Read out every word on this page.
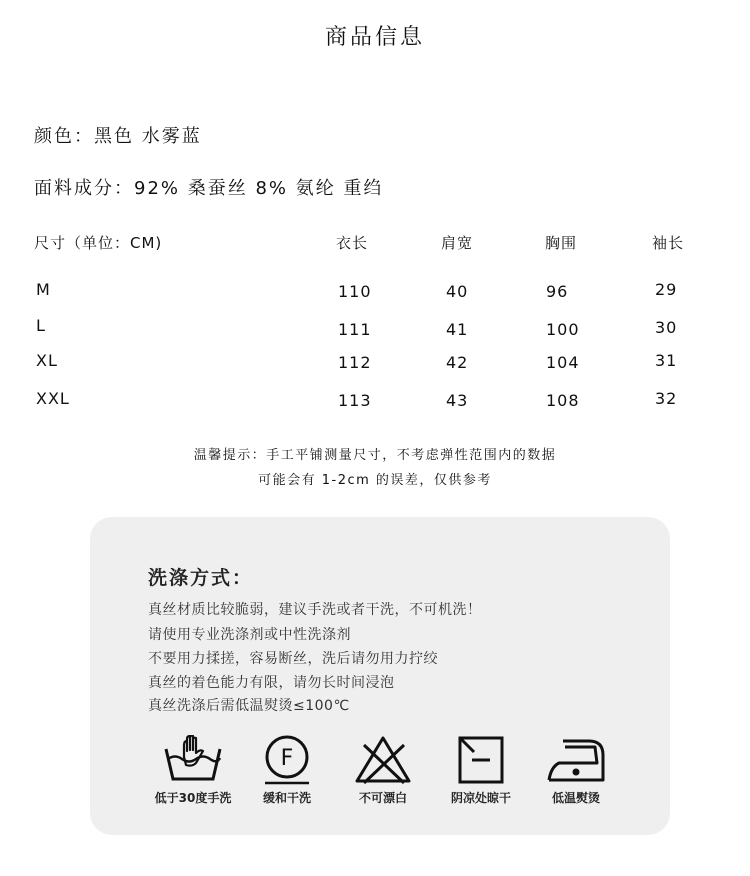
商品信息
颜色：黑色 水雾蓝
面料成分：92% 桑蚕丝 8% 氨纶 重绉
尺寸（单位：CM)	衣长	肩宽	胸围	袖长
M	110	40	96	29
L	111	41	100	30
XL	112	42	104	31
XXL	113	43	108	32
温馨提示：手工平铺测量尺寸，不考虑弹性范围内的数据
可能会有 1-2cm 的误差，仅供参考
洗涤方式：
真丝材质比较脆弱，建议手洗或者干洗，不可机洗！
请使用专业洗涤剂或中性洗涤剂
不要用力揉搓，容易断丝，洗后请勿用力拧绞
真丝的着色能力有限，请勿长时间浸泡
真丝洗涤后需低温熨烫≤100℃
低于30度手洗
F
缓和干洗	不可漂白	阴凉处晾干	低温熨烫
